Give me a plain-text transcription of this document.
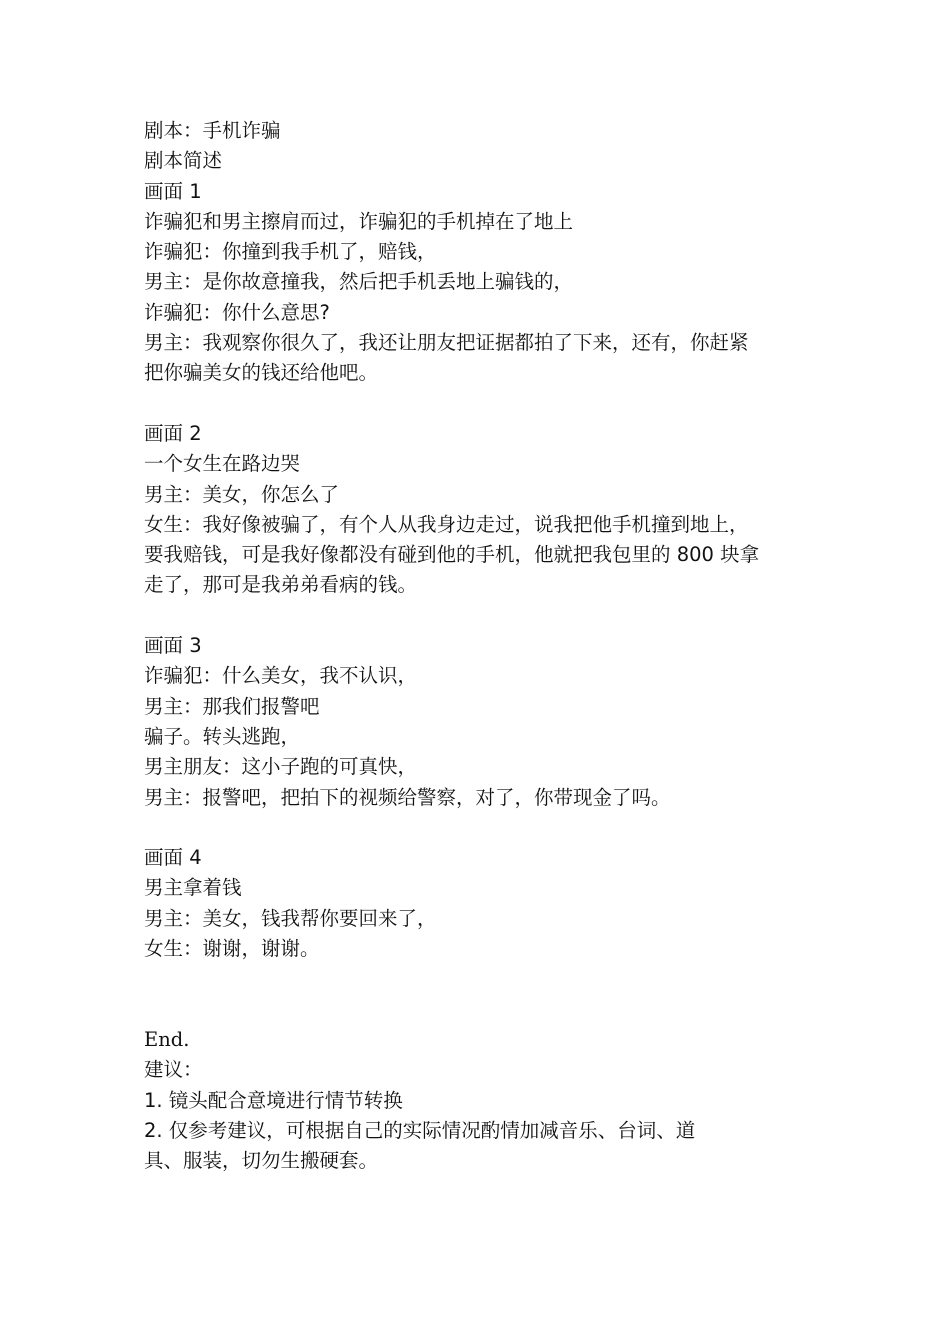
剧本：手机诈骗
剧本简述
画面 1
诈骗犯和男主擦肩而过，诈骗犯的手机掉在了地上
诈骗犯：你撞到我手机了，赔钱，
男主：是你故意撞我，然后把手机丢地上骗钱的，
诈骗犯：你什么意思?
男主：我观察你很久了，我还让朋友把证据都拍了下来，还有，你赶紧
把你骗美女的钱还给他吧。
画面 2
一个女生在路边哭
男主：美女，你怎么了
女生：我好像被骗了，有个人从我身边走过，说我把他手机撞到地上，
要我赔钱，可是我好像都没有碰到他的手机，他就把我包里的 800 块拿
走了，那可是我弟弟看病的钱。
画面 3
诈骗犯：什么美女，我不认识，
男主：那我们报警吧
骗子。转头逃跑，
男主朋友：这小子跑的可真快，
男主：报警吧，把拍下的视频给警察，对了，你带现金了吗。
画面 4
男主拿着钱
男主：美女，钱我帮你要回来了，
女生：谢谢，谢谢。
End.
建议：
1. 镜头配合意境进行情节转换
2. 仅参考建议，可根据自己的实际情况酌情加减音乐、台词、道
具、服装，切勿生搬硬套。
